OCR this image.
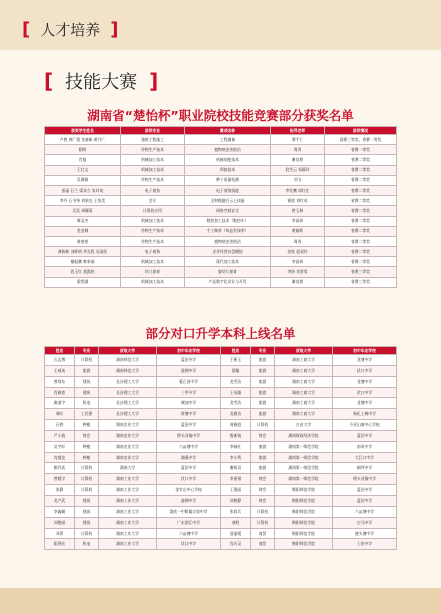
[ 人才培养 ]
[ 技能大赛 ]
湖南省“楚怡杯”职业院校技能竞赛部分获奖名单
获奖学生姓名	获奖专业	赛项名称	指导老师	获奖情况
卢艳 龚广强 龙参新 黄丹广	建筑工程施工	工程测量	谭千仁	国赛三等奖、省赛一等奖
阳明	作物生产技术	植物病虫害防治	周秀	省赛一等奖
肖旭	机械加工技术	机械装配技术	谢良朋	省赛二等奖
王壮文	机械加工技术	焊接技术	段雪云 邹静玲	省赛二等奖
吴海雅	作物生产技术	种子质量检测	刘飞	省赛二等奖
彭晶 石兰 梁承立 朱玲英	电子商务	电子商务技能	李发鹏 周红庄	省赛二等奖
李丹 石书琴 刘果佳 王协美	会计	全财税融合云上技能	崔波 刘红英	省赛二等奖
吴晃 周耀蓉	计算机应用	网络空间安全	曾玉林	省赛二等奖
谭灵杰	机械加工技术	数控加工技术（数控车）	李高伟	省赛二等奖
龙金城	作物生产技术	手工制茶（每盒有绿茶）	黄娟辉	省赛二等奖
龚豪豪	作物生产技术	植物病虫害防治	周秀	省赛二等奖
龚栋栋 刘辉明 李丞程 吴雨欣	电子商务	企业经营沙盘模拟	张锐 赵双玲	省赛二等奖
谢振鹏 韩来福	机械加工技术	现代加工技术	李高伟	省赛二等奖
西玉红 聂露怡	幼儿保育	婴幼儿保育	李妍 刘誉男	省赛三等奖
梁智涵	机械加工技术	产品数字化设计与开发	谢良朋	省赛三等奖
部分对口升学本科上线名单
姓名	专业	获取大学	初中毕业学校	姓名	专业	获取大学	初中毕业学校
石志博	计算机	湖南师范大学	蓝田中学	王彬玉	旅游	湖南工商大学	龙塘中学
王威英	旅游	湖南师范大学	涟钢中学	梁璇	旅游	湖南工商大学	伏口中学
曾琼东	建筑	长沙理工大学	菱石田中学	龙雪洁	旅游	湖南工商大学	龙塘中学
肖雅豪	建筑	长沙理工大学	三甲中学	王英雄	旅游	湖南工商大学	伏口中学
廖逍宇	机电	长沙理工大学	城加中学	龙雪洁	旅游	湖南工商大学	龙塘中学
周旺	工民建	长沙理工大学	荷塘中学	龙雅洁	旅游	湖南工商大学	新化上梅中学
石婷	种植	湖南农业大学	蓝田中学	周雅庭	计算机	吉首大学	今亚山镇中心学校
严小燕	财会	湖南农业大学	桥头河镇中学	殷新锐	财会	湖南财政经济学院	蓝田中学
吴宇轩	种植	湖南农业大学	六亩塘中学	李杨红	旅游	湖南第一师范学院	南风中学
肖楼龙	种植	湖南农业大学	湘溪中学	李小利	旅游	湖南第一师范学院	大江口中学
柳乔武	计算机	湖南大学	蓝田中学	谢妍羽	旅游	湖南第一师范学院	桐坪中学
曾媛学	计算机	湖南工业大学	伏口中学	李嘉祺	财会	湖南第一师范学院	桥头河镇中学
张静	计算机	湖南工业大学	金竹山中心学校	王奥丽	财会	衡阳师范学院	蓝田中学
龙产武	建筑	湖南工业大学	涟钢中学	刘艳静	财会	衡阳师范学院	蓝田中学
李鑫娴	建筑	湖南工业大学	娄底一中附属实验中学	张彩兵	计算机	衡阳师范学院	六亩塘中学
刘艳丽	建筑	湖南工业大学	广东滨江中学	龚胜	计算机	衡阳师范学院	白马中学
邓菁	计算机	湖南工业大学	六亩塘中学	聂丽媛	商贸	衡阳师范学院	渡头塘中学
阳瑶宏	机电	湖南工业大学	伏口中学	肖巧灵	商贸	衡阳师范学院	七星中学
